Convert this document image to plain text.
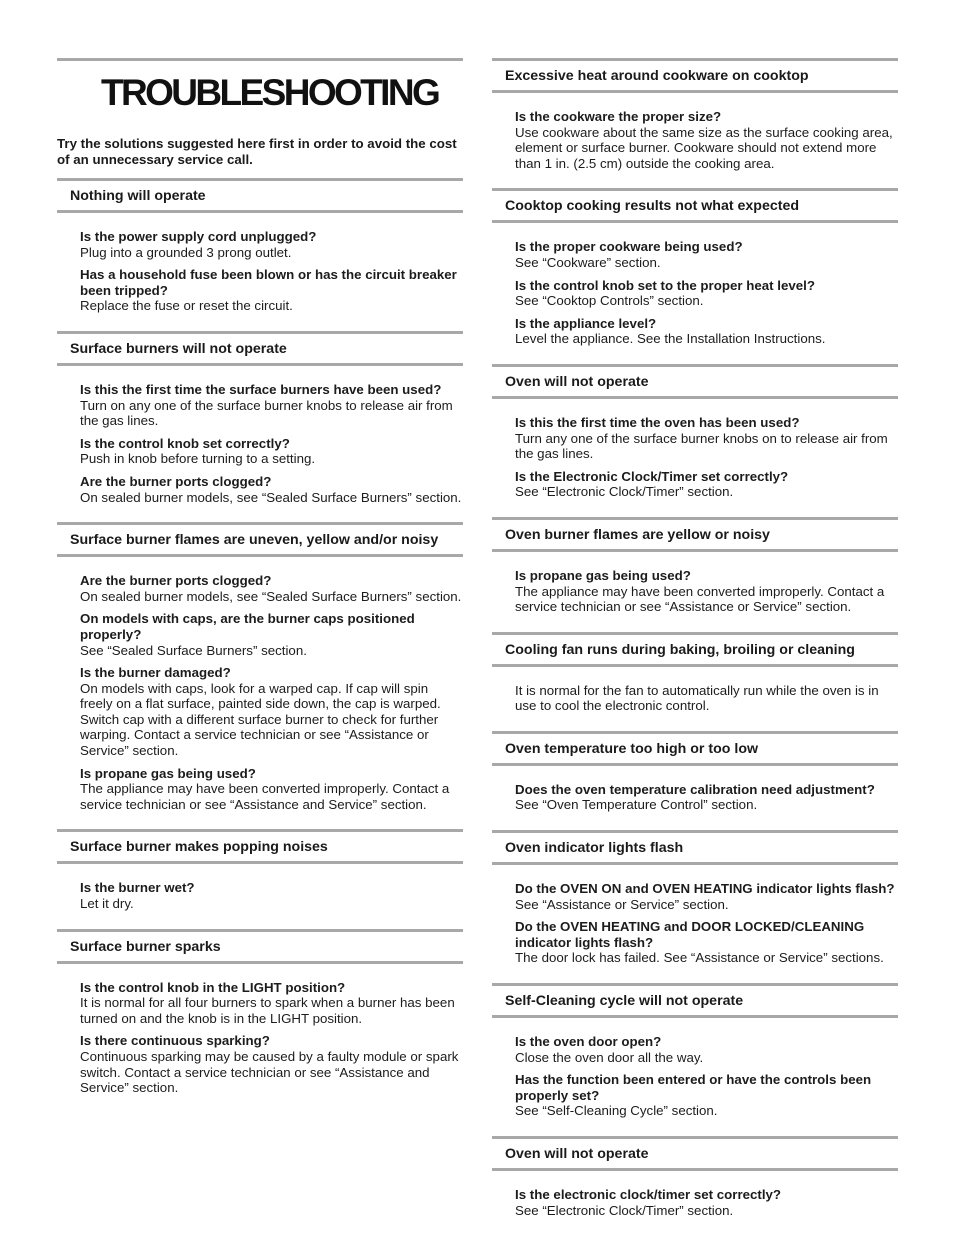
TROUBLESHOOTING
Try the solutions suggested here first in order to avoid the cost of an unnecessary service call.
Nothing will operate
Is the power supply cord unplugged?
Plug into a grounded 3 prong outlet.
Has a household fuse been blown or has the circuit breaker been tripped?
Replace the fuse or reset the circuit.
Surface burners will not operate
Is this the first time the surface burners have been used?
Turn on any one of the surface burner knobs to release air from the gas lines.
Is the control knob set correctly?
Push in knob before turning to a setting.
Are the burner ports clogged?
On sealed burner models, see “Sealed Surface Burners” section.
Surface burner flames are uneven, yellow and/or noisy
Are the burner ports clogged?
On sealed burner models, see “Sealed Surface Burners” section.
On models with caps, are the burner caps positioned properly?
See “Sealed Surface Burners” section.
Is the burner damaged?
On models with caps, look for a warped cap. If cap will spin freely on a flat surface, painted side down, the cap is warped. Switch cap with a different surface burner to check for further warping. Contact a service technician or see “Assistance or Service” section.
Is propane gas being used?
The appliance may have been converted improperly. Contact a service technician or see “Assistance and Service” section.
Surface burner makes popping noises
Is the burner wet?
Let it dry.
Surface burner sparks
Is the control knob in the LIGHT position?
It is normal for all four burners to spark when a burner has been turned on and the knob is in the LIGHT position.
Is there continuous sparking?
Continuous sparking may be caused by a faulty module or spark switch. Contact a service technician or see “Assistance and Service” section.
Excessive heat around cookware on cooktop
Is the cookware the proper size?
Use cookware about the same size as the surface cooking area, element or surface burner. Cookware should not extend more than 1 in. (2.5 cm) outside the cooking area.
Cooktop cooking results not what expected
Is the proper cookware being used?
See “Cookware” section.
Is the control knob set to the proper heat level?
See “Cooktop Controls” section.
Is the appliance level?
Level the appliance. See the Installation Instructions.
Oven will not operate
Is this the first time the oven has been used?
Turn any one of the surface burner knobs on to release air from the gas lines.
Is the Electronic Clock/Timer set correctly?
See “Electronic Clock/Timer” section.
Oven burner flames are yellow or noisy
Is propane gas being used?
The appliance may have been converted improperly. Contact a service technician or see “Assistance or Service” section.
Cooling fan runs during baking, broiling or cleaning
It is normal for the fan to automatically run while the oven is in use to cool the electronic control.
Oven temperature too high or too low
Does the oven temperature calibration need adjustment?
See “Oven Temperature Control” section.
Oven indicator lights flash
Do the OVEN ON and OVEN HEATING indicator lights flash?
See “Assistance or Service” section.
Do the OVEN HEATING and DOOR LOCKED/CLEANING indicator lights flash?
The door lock has failed. See “Assistance or Service” sections.
Self-Cleaning cycle will not operate
Is the oven door open?
Close the oven door all the way.
Has the function been entered or have the controls been properly set?
See “Self-Cleaning Cycle” section.
Oven will not operate
Is the electronic clock/timer set correctly?
See “Electronic Clock/Timer” section.
